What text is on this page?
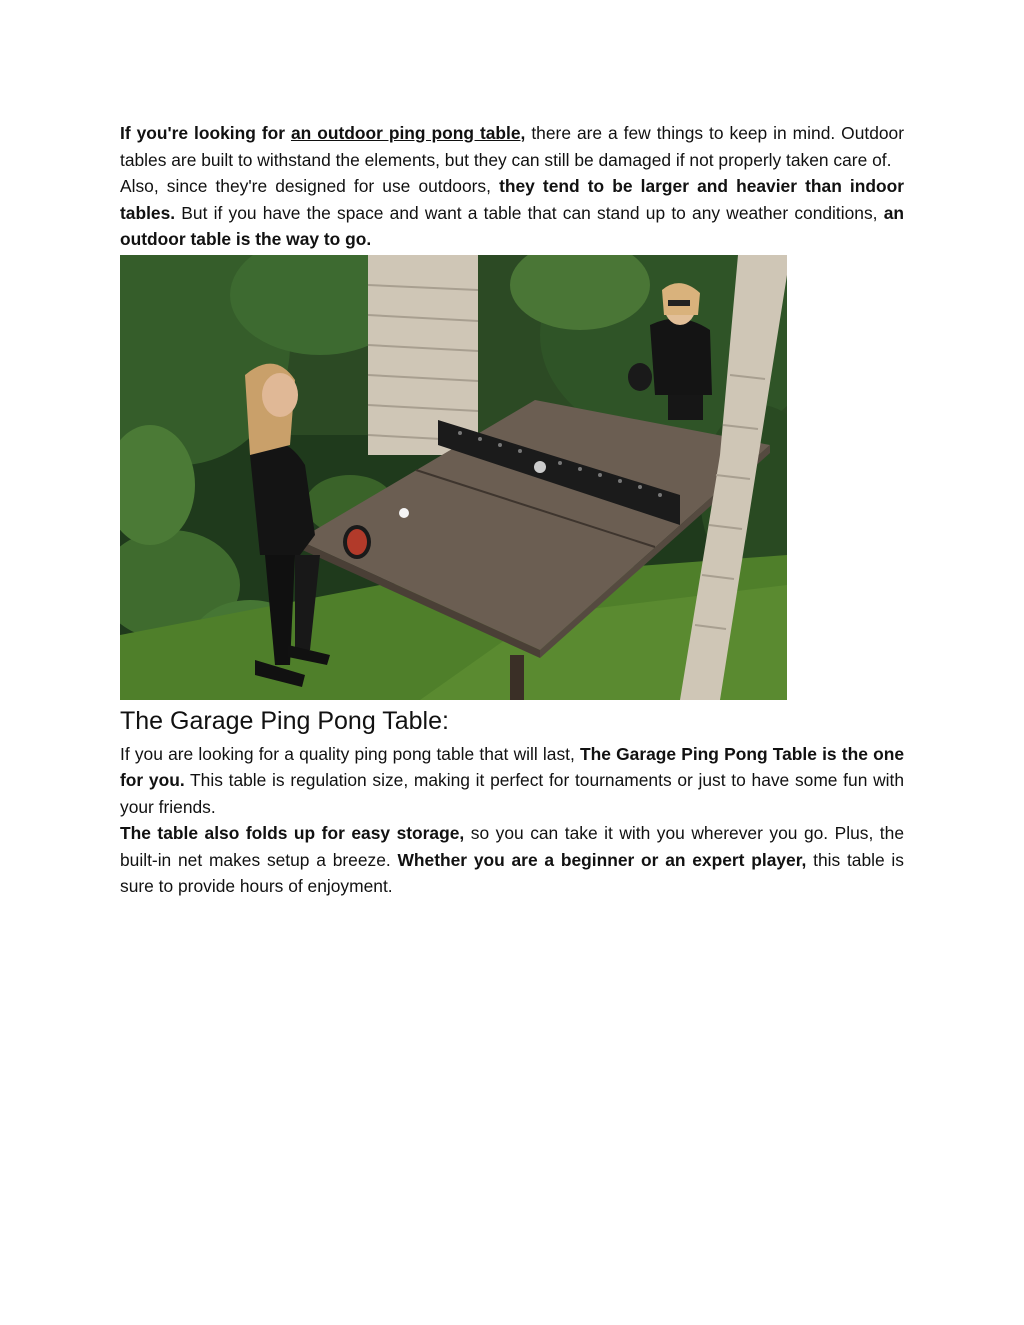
If you're looking for an outdoor ping pong table, there are a few things to keep in mind. Outdoor tables are built to withstand the elements, but they can still be damaged if not properly taken care of.

Also, since they're designed for use outdoors, they tend to be larger and heavier than indoor tables. But if you have the space and want a table that can stand up to any weather conditions, an outdoor table is the way to go.

The Garage Ping Pong Table:

If you are looking for a quality ping pong table that will last, The Garage Ping Pong Table is the one for you. This table is regulation size, making it perfect for tournaments or just to have some fun with your friends.

The table also folds up for easy storage, so you can take it with you wherever you go. Plus, the built-in net makes setup a breeze. Whether you are a beginner or an expert player, this table is sure to provide hours of enjoyment.
